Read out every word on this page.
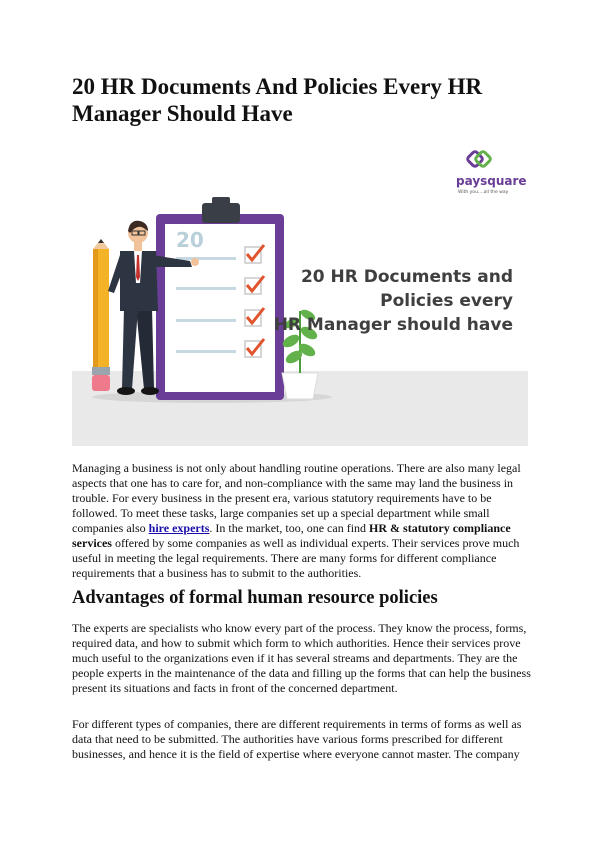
20 HR Documents And Policies Every HR Manager Should Have
20
paysquare
With you....all the way
20 HR Documents and
Policies every
HR Manager should have

Managing a business is not only about handling routine operations. There are also many legal aspects that one has to care for, and non-compliance with the same may land the business in trouble. For every business in the present era, various statutory requirements have to be followed. To meet these tasks, large companies set up a special department while small companies also hire experts. In the market, too, one can find HR & statutory compliance services offered by some companies as well as individual experts. Their services prove much useful in meeting the legal requirements. There are many forms for different compliance requirements that a business has to submit to the authorities.

Advantages of formal human resource policies

The experts are specialists who know every part of the process. They know the process, forms, required data, and how to submit which form to which authorities. Hence their services prove much useful to the organizations even if it has several streams and departments. They are the people experts in the maintenance of the data and filling up the forms that can help the business present its situations and facts in front of the concerned department.

For different types of companies, there are different requirements in terms of forms as well as data that need to be submitted. The authorities have various forms prescribed for different businesses, and hence it is the field of expertise where everyone cannot master. The company
